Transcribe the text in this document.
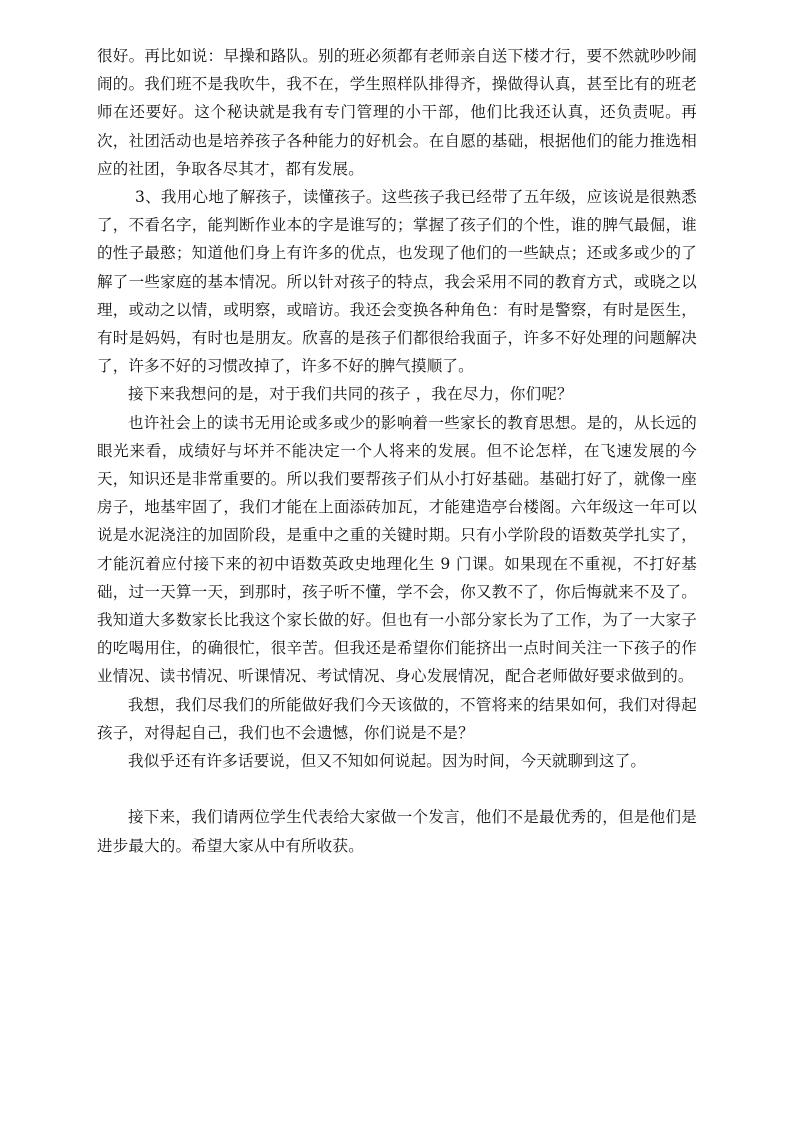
很好。再比如说：早操和路队。别的班必须都有老师亲自送下楼才行，要不然就吵吵闹闹的。我们班不是我吹牛，我不在，学生照样队排得齐，操做得认真，甚至比有的班老师在还要好。这个秘诀就是我有专门管理的小干部，他们比我还认真，还负责呢。再次，社团活动也是培养孩子各种能力的好机会。在自愿的基础，根据他们的能力推选相应的社团，争取各尽其才，都有发展。

3、我用心地了解孩子，读懂孩子。这些孩子我已经带了五年级，应该说是很熟悉了，不看名字，能判断作业本的字是谁写的；掌握了孩子们的个性，谁的脾气最倔，谁的性子最憨；知道他们身上有许多的优点，也发现了他们的一些缺点；还或多或少的了解了一些家庭的基本情况。所以针对孩子的特点，我会采用不同的教育方式，或晓之以理，或动之以情，或明察，或暗访。我还会变换各种角色：有时是警察，有时是医生，有时是妈妈，有时也是朋友。欣喜的是孩子们都很给我面子，许多不好处理的问题解决了，许多不好的习惯改掉了，许多不好的脾气摸顺了。

接下来我想问的是，对于我们共同的孩子 ，我在尽力，你们呢？

也许社会上的读书无用论或多或少的影响着一些家长的教育思想。是的，从长远的眼光来看，成绩好与坏并不能决定一个人将来的发展。但不论怎样，在飞速发展的今天，知识还是非常重要的。所以我们要帮孩子们从小打好基础。基础打好了，就像一座房子，地基牢固了，我们才能在上面添砖加瓦，才能建造亭台楼阁。六年级这一年可以说是水泥浇注的加固阶段，是重中之重的关键时期。只有小学阶段的语数英学扎实了，才能沉着应付接下来的初中语数英政史地理化生 9 门课。如果现在不重视，不打好基础，过一天算一天，到那时，孩子听不懂，学不会，你又教不了，你后悔就来不及了。我知道大多数家长比我这个家长做的好。但也有一小部分家长为了工作，为了一大家子的吃喝用住，的确很忙，很辛苦。但我还是希望你们能挤出一点时间关注一下孩子的作业情况、读书情况、听课情况、考试情况、身心发展情况，配合老师做好要求做到的。

我想，我们尽我们的所能做好我们今天该做的，不管将来的结果如何，我们对得起孩子，对得起自己，我们也不会遗憾，你们说是不是？

我似乎还有许多话要说，但又不知如何说起。因为时间，今天就聊到这了。

接下来，我们请两位学生代表给大家做一个发言，他们不是最优秀的，但是他们是进步最大的。希望大家从中有所收获。
